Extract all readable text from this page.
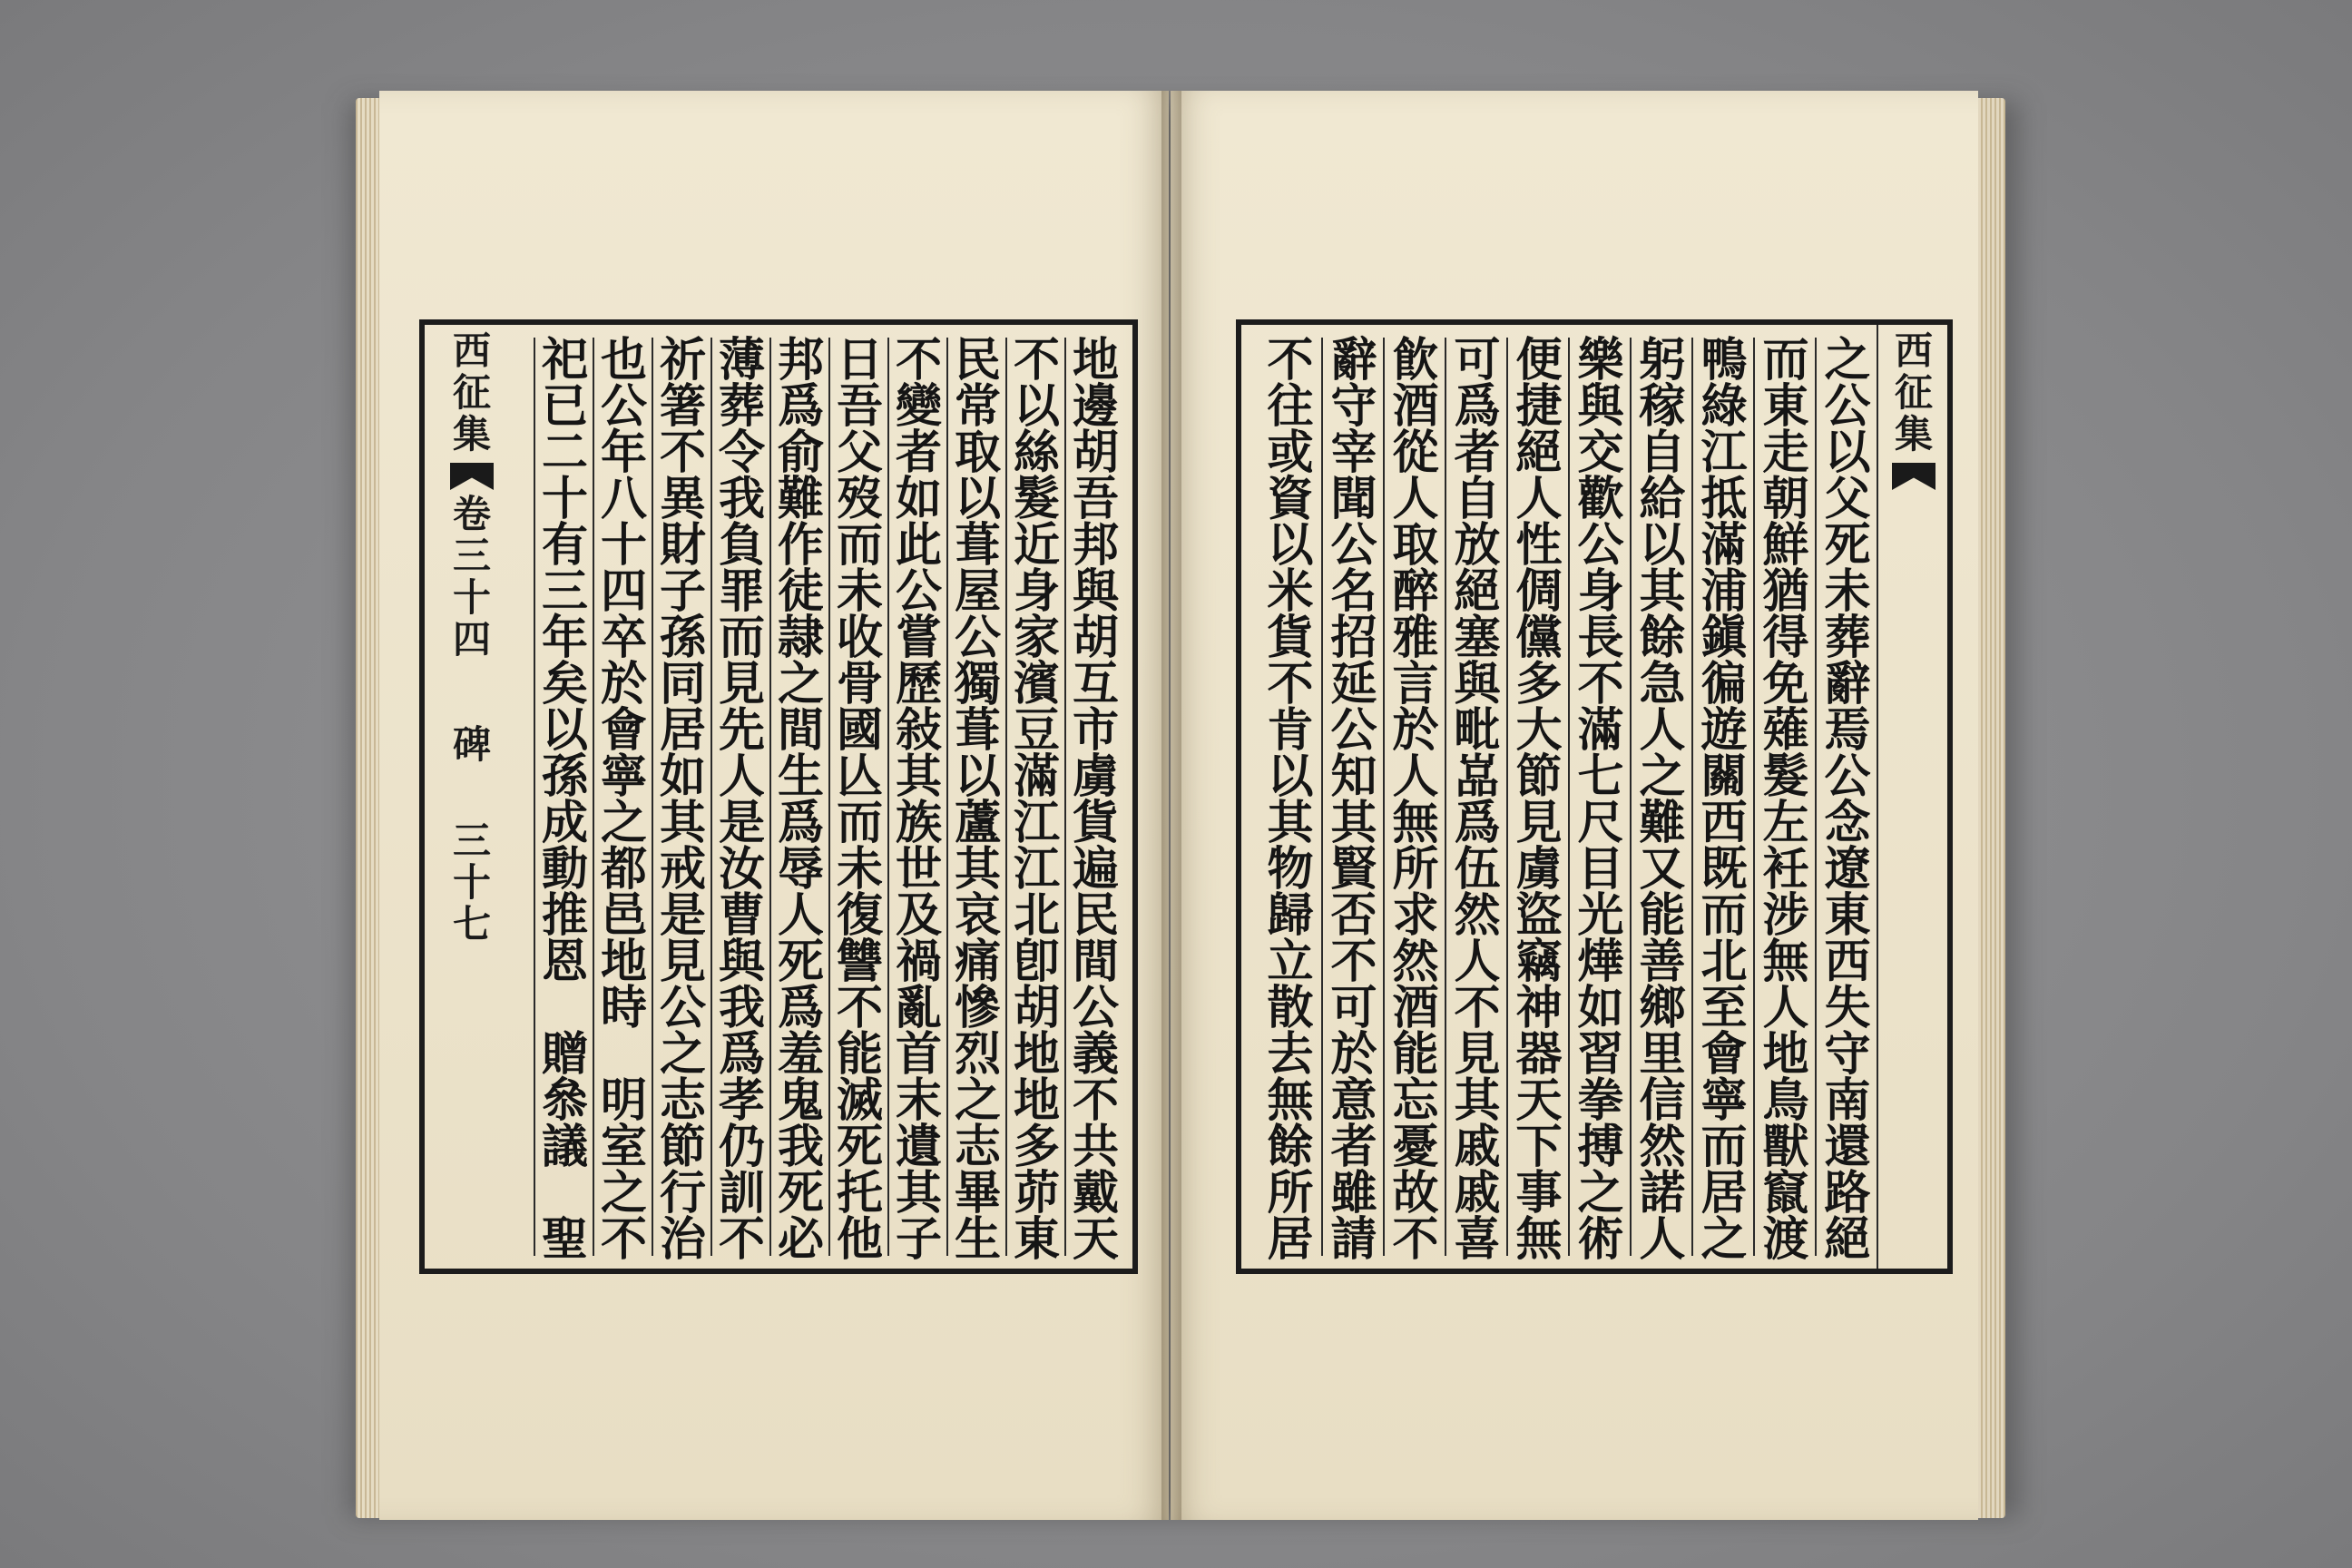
西
征
集
卷
三
十
四
碑
三
十
七
地
邊
胡
吾
邦
與
胡
互
市
虜
貨
遍
民
間
公
義
不
共
戴
天
不
以
絲
髮
近
身
家
濱
豆
滿
江
江
北
卽
胡
地
地
多
茆
東
民
常
取
以
葺
屋
公
獨
葺
以
蘆
其
哀
痛
慘
烈
之
志
畢
生
不
變
者
如
此
公
嘗
歷
敍
其
族
世
及
禍
亂
首
末
遺
其
子
日
吾
父
歿
而
未
收
骨
國
亾
而
未
復
讐
不
能
滅
死
托
他
邦
爲
俞
難
作
徒
隷
之
間
生
爲
辱
人
死
爲
羞
鬼
我
死
必
薄
葬
令
我
負
罪
而
見
先
人
是
汝
曹
與
我
爲
孝
仍
訓
不
祈
箸
不
異
財
子
孫
同
居
如
其
戒
是
見
公
之
志
節
行
治
也
公
年
八
十
四
卒
於
會
寧
之
都
邑
地
時

明
室
之
不
祀
已
二
十
有
三
年
矣
以
孫
成
動
推
恩

贈
叅
議

聖
西
征
集
之
公
以
父
死
未
葬
辭
焉
公
念
遼
東
西
失
守
南
還
路
絕
而
東
走
朝
鮮
猶
得
免
薙
髮
左
衽
涉
無
人
地
鳥
獸
竄
渡
鴨
綠
江
抵
滿
浦
鎭
徧
遊
關
西
既
而
北
至
會
寧
而
居
之
躬
稼
自
給
以
其
餘
急
人
之
難
又
能
善
鄉
里
信
然
諾
人
樂
與
交
歡
公
身
長
不
滿
七
尺
目
光
燁
如
習
拳
搏
之
術
便
捷
絕
人
性
倜
儻
多
大
節
見
虜
盜
竊
神
器
天
下
事
無
可
爲
者
自
放
絕
塞
與
毗
嵓
爲
伍
然
人
不
見
其
戚
戚
喜
飮
酒
從
人
取
醉
雅
言
於
人
無
所
求
然
酒
能
忘
憂
故
不
辭
守
宰
聞
公
名
招
延
公
知
其
賢
否
不
可
於
意
者
雖
請
不
往
或
資
以
米
貨
不
肯
以
其
物
歸
立
散
去
無
餘
所
居
